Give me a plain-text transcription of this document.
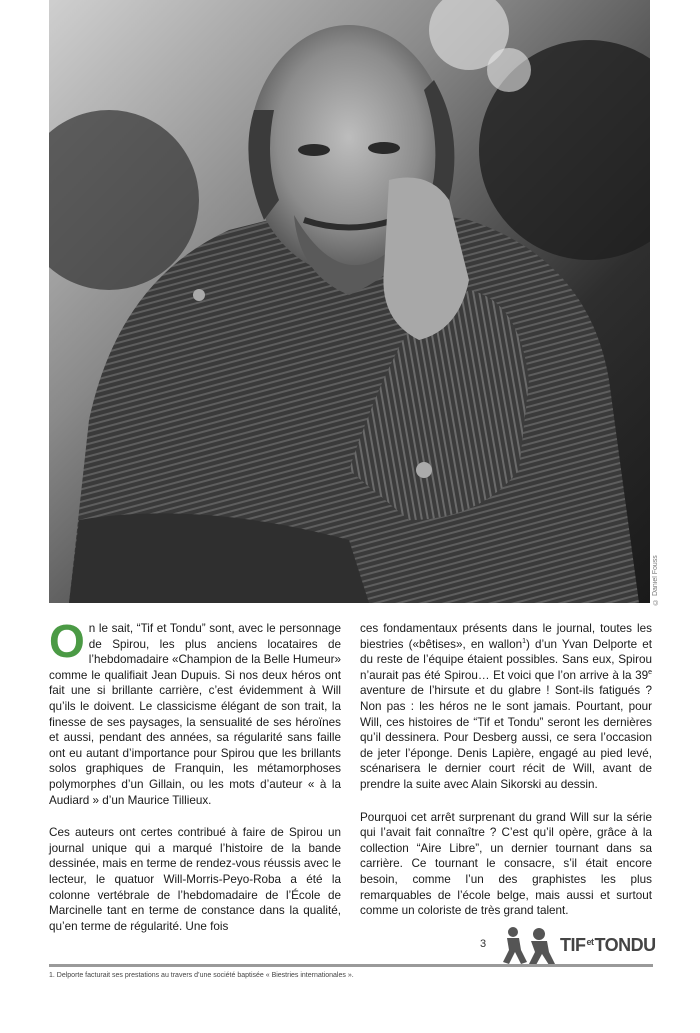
© Daniel Fouss

On le sait, “Tif et Tondu” sont, avec le personnage de Spirou, les plus anciens locataires de l’hebdomadaire «Champion de la Belle Humeur» comme le qualifiait Jean Dupuis. Si nos deux héros ont fait une si brillante carrière, c’est évidemment à Will qu’ils le doivent. Le classicisme élégant de son trait, la finesse de ses paysages, la sensualité de ses héroïnes et aussi, pendant des années, sa régularité sans faille ont eu autant d’importance pour Spirou que les brillants solos graphiques de Franquin, les métamorphoses polymorphes d’un Gillain, ou les mots d’auteur « à la Audiard » d’un Maurice Tillieux.

Ces auteurs ont certes contribué à faire de Spirou un journal unique qui a marqué l’histoire de la bande dessinée, mais en terme de rendez-vous réussis avec le lecteur, le quatuor Will-Morris-Peyo-Roba a été la colonne vertébrale de l’hebdomadaire de l’École de Marcinelle tant en terme de constance dans la qualité, qu’en terme de régularité. Une fois

ces fondamentaux présents dans le journal, toutes les biestries («bêtises», en wallon$^1$) d’un Yvan Delporte et du reste de l’équipe étaient possibles. Sans eux, Spirou n’aurait pas été Spirou… Et voici que l’on arrive à la 39e aventure de l’hirsute et du glabre ! Sont-ils fatigués ? Non pas : les héros ne le sont jamais. Pourtant, pour Will, ces histoires de “Tif et Tondu” seront les dernières qu’il dessinera. Pour Desberg aussi, ce sera l’occasion de jeter l’éponge. Denis Lapière, engagé au pied levé, scénarisera le dernier court récit de Will, avant de prendre la suite avec Alain Sikorski au dessin.

Pourquoi cet arrêt surprenant du grand Will sur la série qui l’avait fait connaître ? C’est qu’il opère, grâce à la collection “Aire Libre”, un dernier tournant dans sa carrière. Ce tournant le consacre, s’il était encore besoin, comme l’un des graphistes les plus remarquables de l’école belge, mais aussi et surtout comme un coloriste de très grand talent.

3	$TIF^{et}TONDU$
1. Delporte facturait ses prestations au travers d’une société baptisée « Biestries internationales ».
